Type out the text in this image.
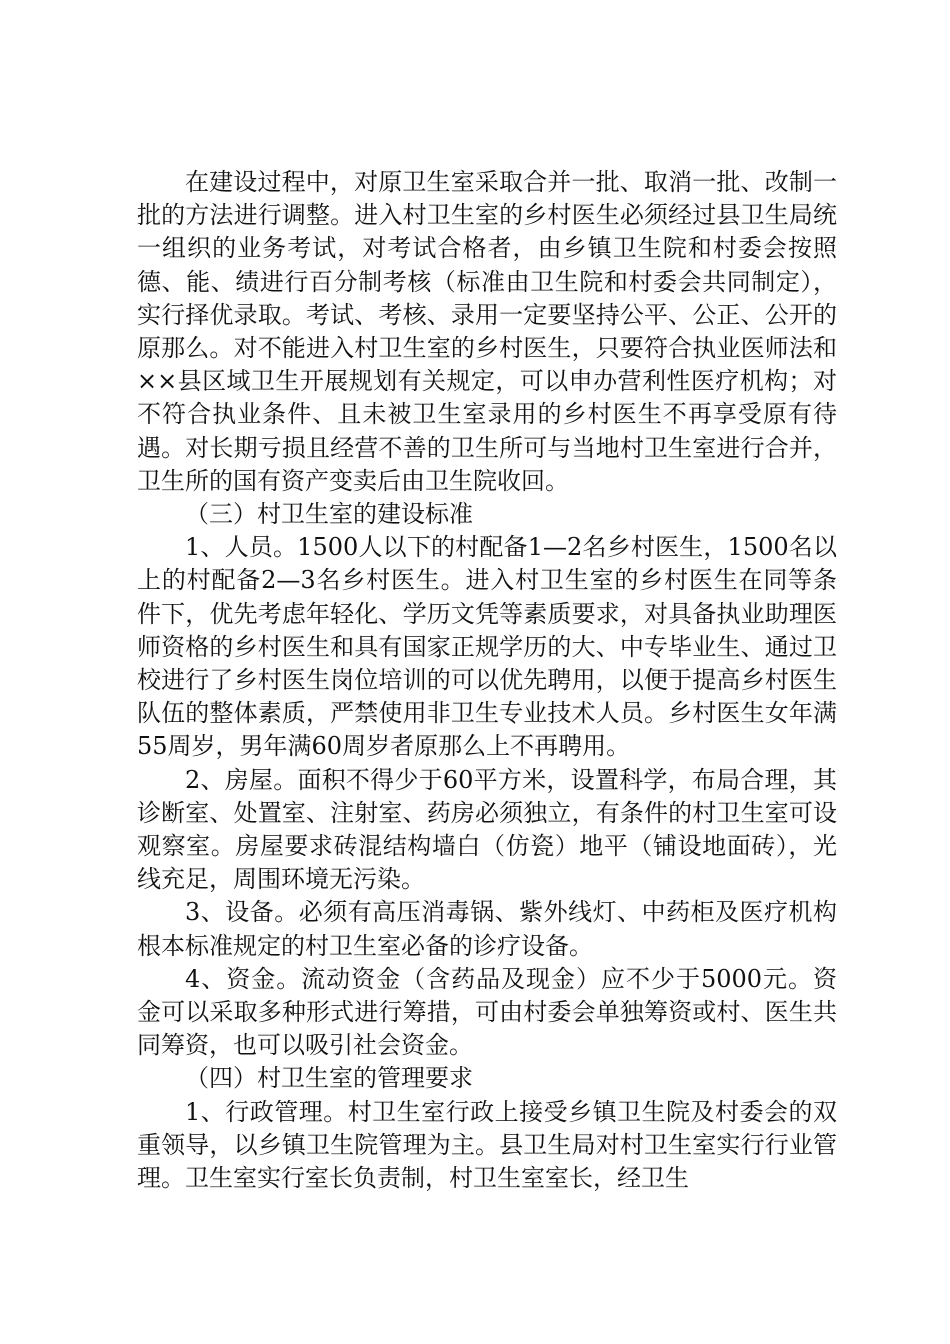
在建设过程中，对原卫生室采取合并一批、取消一批、改制一批的方法进行调整。进入村卫生室的乡村医生必须经过县卫生局统一组织的业务考试，对考试合格者，由乡镇卫生院和村委会按照德、能、绩进行百分制考核（标准由卫生院和村委会共同制定），实行择优录取。考试、考核、录用一定要坚持公平、公正、公开的原那么。对不能进入村卫生室的乡村医生，只要符合执业医师法和××县区域卫生开展规划有关规定，可以申办营利性医疗机构；对不符合执业条件、且未被卫生室录用的乡村医生不再享受原有待遇。对长期亏损且经营不善的卫生所可与当地村卫生室进行合并，卫生所的国有资产变卖后由卫生院收回。

（三）村卫生室的建设标准

1、人员。1500人以下的村配备1—2名乡村医生，1500名以上的村配备2—3名乡村医生。进入村卫生室的乡村医生在同等条件下，优先考虑年轻化、学历文凭等素质要求，对具备执业助理医师资格的乡村医生和具有国家正规学历的大、中专毕业生、通过卫校进行了乡村医生岗位培训的可以优先聘用，以便于提高乡村医生队伍的整体素质，严禁使用非卫生专业技术人员。乡村医生女年满55周岁，男年满60周岁者原那么上不再聘用。

2、房屋。面积不得少于60平方米，设置科学，布局合理，其诊断室、处置室、注射室、药房必须独立，有条件的村卫生室可设观察室。房屋要求砖混结构墙白（仿瓷）地平（铺设地面砖），光线充足，周围环境无污染。

3、设备。必须有高压消毒锅、紫外线灯、中药柜及医疗机构根本标准规定的村卫生室必备的诊疗设备。

4、资金。流动资金（含药品及现金）应不少于5000元。资金可以采取多种形式进行筹措，可由村委会单独筹资或村、医生共同筹资，也可以吸引社会资金。

（四）村卫生室的管理要求

1、行政管理。村卫生室行政上接受乡镇卫生院及村委会的双重领导，以乡镇卫生院管理为主。县卫生局对村卫生室实行行业管理。卫生室实行室长负责制，村卫生室室长，经卫生
